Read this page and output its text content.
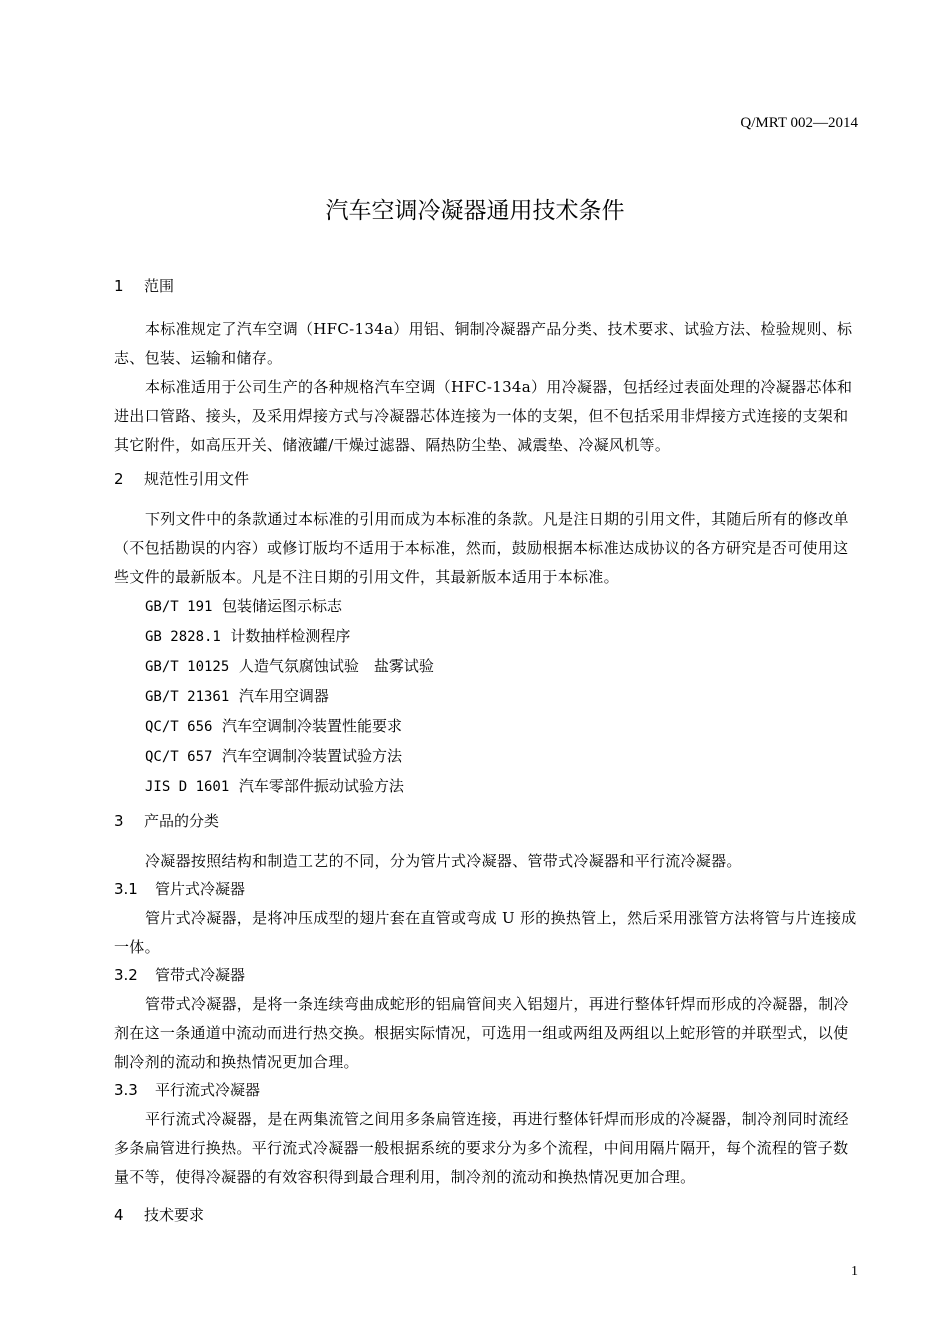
Q/MRT 002—2014
汽车空调冷凝器通用技术条件
1 范围
本标准规定了汽车空调（HFC-134a）用铝、铜制冷凝器产品分类、技术要求、试验方法、检验规则、标志、包装、运输和储存。
本标准适用于公司生产的各种规格汽车空调（HFC-134a）用冷凝器，包括经过表面处理的冷凝器芯体和进出口管路、接头，及采用焊接方式与冷凝器芯体连接为一体的支架，但不包括采用非焊接方式连接的支架和其它附件，如高压开关、储液罐/干燥过滤器、隔热防尘垫、减震垫、冷凝风机等。
2 规范性引用文件
下列文件中的条款通过本标准的引用而成为本标准的条款。凡是注日期的引用文件，其随后所有的修改单（不包括勘误的内容）或修订版均不适用于本标准，然而，鼓励根据本标准达成协议的各方研究是否可使用这些文件的最新版本。凡是不注日期的引用文件，其最新版本适用于本标准。
GB/T 191 包装储运图示标志
GB 2828.1 计数抽样检测程序
GB/T 10125 人造气氛腐蚀试验　盐雾试验
GB/T 21361 汽车用空调器
QC/T 656 汽车空调制冷装置性能要求
QC/T 657 汽车空调制冷装置试验方法
JIS D 1601 汽车零部件振动试验方法
3 产品的分类
冷凝器按照结构和制造工艺的不同，分为管片式冷凝器、管带式冷凝器和平行流冷凝器。
3.1 管片式冷凝器
管片式冷凝器，是将冲压成型的翅片套在直管或弯成 U 形的换热管上，然后采用涨管方法将管与片连接成一体。
3.2 管带式冷凝器
管带式冷凝器，是将一条连续弯曲成蛇形的铝扁管间夹入铝翅片，再进行整体钎焊而形成的冷凝器，制冷剂在这一条通道中流动而进行热交换。根据实际情况，可选用一组或两组及两组以上蛇形管的并联型式，以使制冷剂的流动和换热情况更加合理。
3.3 平行流式冷凝器
平行流式冷凝器，是在两集流管之间用多条扁管连接，再进行整体钎焊而形成的冷凝器，制冷剂同时流经多条扁管进行换热。平行流式冷凝器一般根据系统的要求分为多个流程，中间用隔片隔开，每个流程的管子数量不等，使得冷凝器的有效容积得到最合理利用，制冷剂的流动和换热情况更加合理。
4 技术要求
1
